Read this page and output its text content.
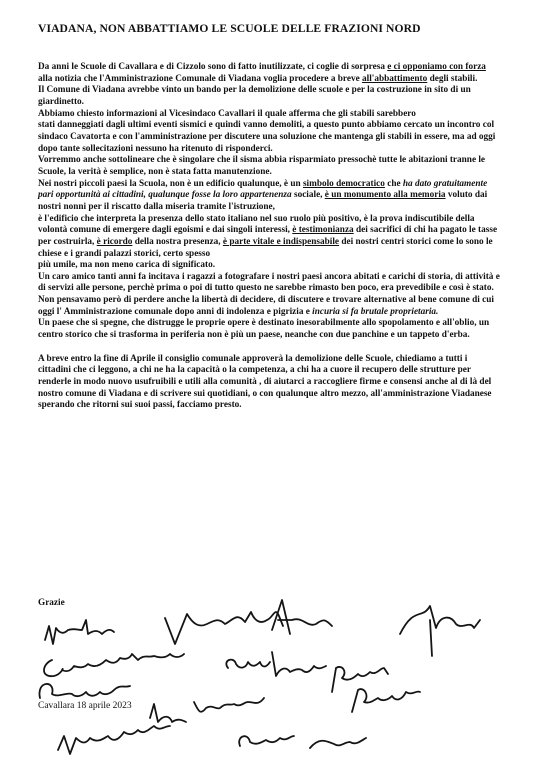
VIADANA, NON ABBATTIAMO LE SCUOLE DELLE FRAZIONI NORD

Da anni le Scuole di Cavallara e di Cizzolo sono di fatto inutilizzate, ci coglie di sorpresa e ci opponiamo con forza alla notizia che l'Amministrazione Comunale di Viadana voglia procedere a breve all'abbattimento degli stabili.

Il Comune di Viadana avrebbe vinto un bando per la demolizione delle scuole e per la costruzione in sito di un giardinetto.

Abbiamo chiesto informazioni al Vicesindaco Cavallari il quale afferma che gli stabili sarebbero

stati danneggiati dagli ultimi eventi sismici e quindi vanno demoliti, a questo punto abbiamo cercato un incontro col sindaco Cavatorta e con l'amministrazione per discutere una soluzione che mantenga gli stabili in essere, ma ad oggi dopo tante sollecitazioni nessuno ha ritenuto di risponderci.

Vorremmo anche sottolineare che è singolare che il sisma abbia risparmiato pressochè tutte le abitazioni tranne le Scuole, la verità è semplice, non è stata fatta manutenzione.

Nei nostri piccoli paesi la Scuola, non è un edificio qualunque, è un simbolo democratico che ha dato gratuitamente pari opportunità ai cittadini, qualunque fosse la loro appartenenza sociale, è un monumento alla memoria voluto dai nostri nonni per il riscatto dalla miseria tramite l'istruzione,

è l'edificio che interpreta la presenza dello stato italiano nel suo ruolo più positivo, è la prova indiscutibile della volontà comune di emergere dagli egoismi e dai singoli interessi, è testimonianza dei sacrifici di chi ha pagato le tasse per costruirla, è ricordo della nostra presenza, è parte vitale e indispensabile dei nostri centri storici come lo sono le chiese e i grandi palazzi storici, certo spesso

più umile, ma non meno carica di significato.

Un caro amico tanti anni fa incitava i ragazzi a fotografare i nostri paesi ancora abitati e carichi di storia, di attività e di servizi alle persone, perchè prima o poi di tutto questo ne sarebbe rimasto ben poco, era prevedibile e così è stato.

Non pensavamo però di perdere anche la libertà di decidere, di discutere e trovare alternative al bene comune di cui oggi l' Amministrazione comunale dopo anni di indolenza e pigrizia e incuria si fa brutale proprietaria.

Un paese che si spegne, che distrugge le proprie opere è destinato inesorabilmente allo spopolamento e all'oblio, un centro storico che si trasforma in periferia non è più un paese, neanche con due panchine e un tappeto d'erba.

A breve entro la fine di Aprile il consiglio comunale approverà la demolizione delle Scuole, chiediamo a tutti i cittadini che ci leggono, a chi ne ha la capacità o la competenza, a chi ha a cuore il recupero delle strutture per renderle in modo nuovo usufruibili e utili alla comunità , di aiutarci a raccogliere firme e consensi anche al di là del nostro comune di Viadana e di scrivere sui quotidiani, o con qualunque altro mezzo, all'amministrazione Viadanese sperando che ritorni sui suoi passi, facciamo presto.

Grazie
Cavallara 18 aprile 2023
